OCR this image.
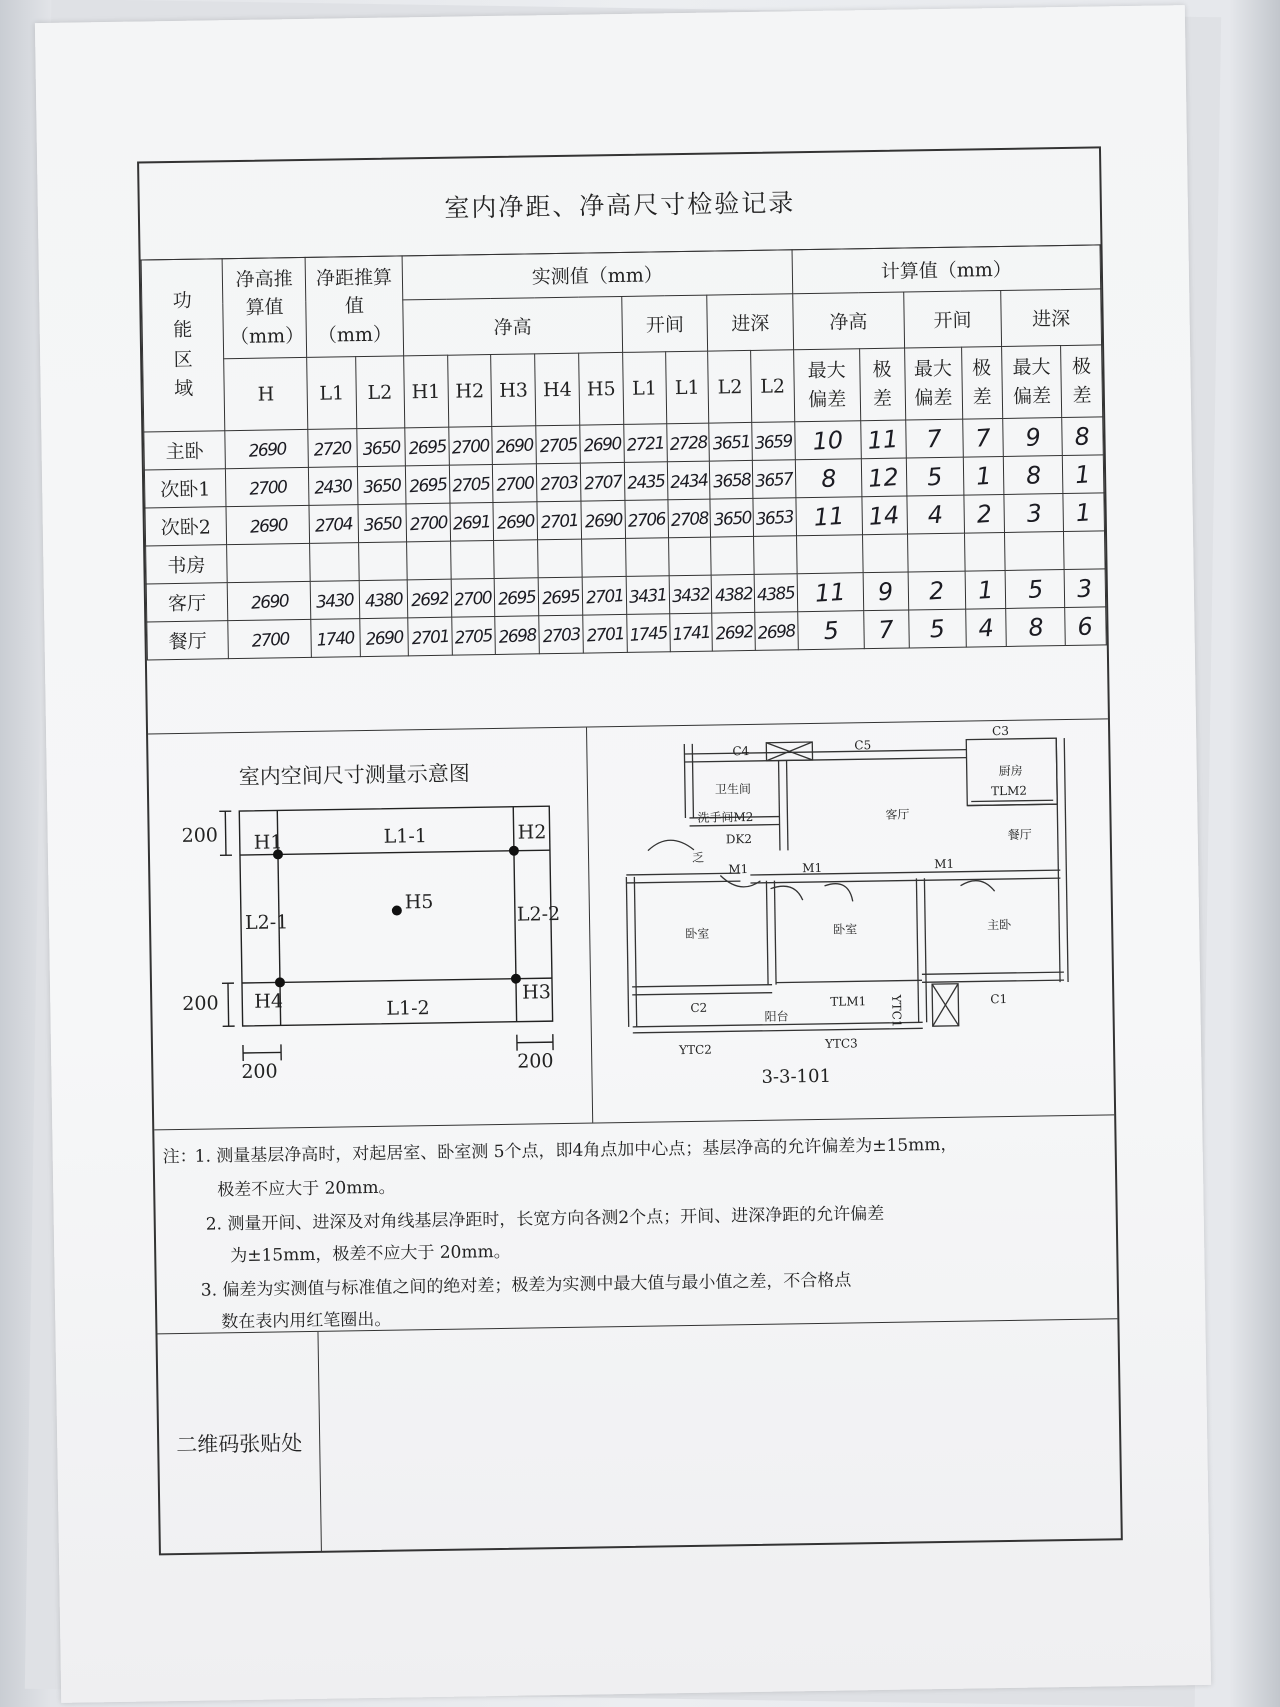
室内净距、净高尺寸检验记录
功能区域	净高推算值（mm）	净距推算值（mm）		实测值（mm）									计算值（mm）					
				净高					开间		进深		净高		开间		进深	
	H	L1	L2	H1	H2	H3	H4	H5	L1	L1	L2	L2	最大偏差	极差	最大偏差	极差	最大偏差	极差
主卧	2690	2720	3650	2695	2700	2690	2705	2690	2721	2728	3651	3659	10	11	7	7	9	8
次卧1	2700	2430	3650	2695	2705	2700	2703	2707	2435	2434	3658	3657	8	12	5	1	8	1
次卧2	2690	2704	3650	2700	2691	2690	2701	2690	2706	2708	3650	3653	11	14	4	2	3	1
书房																		
客厅	2690	3430	4380	2692	2700	2695	2695	2701	3431	3432	4382	4385	11	9	2	1	5	3
餐厅	2700	1740	2690	2701	2705	2698	2703	2701	1745	1741	2692	2698	5	7	5	4	8	6
室内空间尺寸测量示意图
H1	H2
H3
H4
H5
L1-1
L1-2
L2-1	L2-2
200
200
200	200
C4	C5
C3
厨房
TLM2
卫生间
洗手间M2	客厅
DK2	餐厅
乏
M1	M1	M1
卧室	卧室	主卧
C2	TLM1	C1
阳台
YTC2	YTC3
YTC1
3-3-101
注：
1. 测量基层净高时，对起居室、卧室测 5个点，即4角点加中心点；基层净高的允许偏差为±15mm，
极差不应大于 20mm。
2. 测量开间、进深及对角线基层净距时，长宽方向各测2个点；开间、进深净距的允许偏差
为±15mm，极差不应大于 20mm。
3. 偏差为实测值与标准值之间的绝对差；极差为实测中最大值与最小值之差，不合格点
数在表内用红笔圈出。
二维码张贴处
